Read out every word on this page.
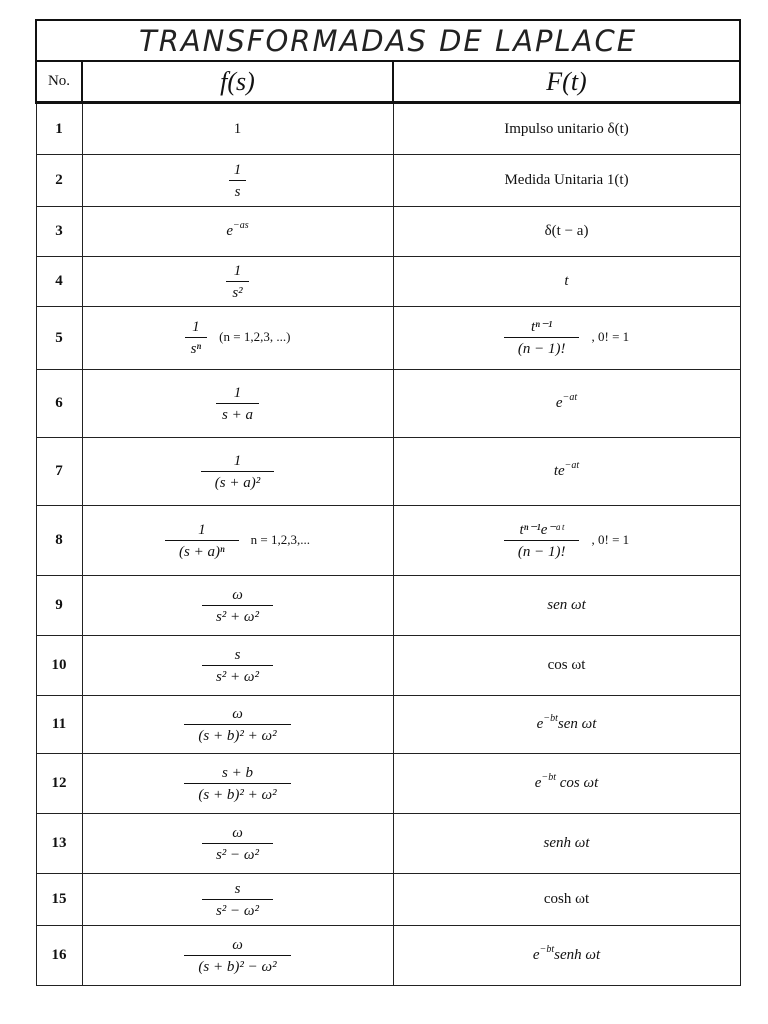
TRANSFORMADAS DE LAPLACE		
No.	f(s)	F(t)
1	1	Impulso unitario δ(t)
2	$\frac{1}{s}$	Medida Unitaria 1(t)
3	$e^{-as}$	δ(t − a)
4	$\frac{1}{\text{s²}}$	t
5	$\frac{1}{\text{sⁿ}} (n = 1,2,3$, ...)	$\frac{\text{tⁿ⁻¹}}{(n - 1)!}$ , 0! = 1
6	$\frac{1}{s + a}$	$e^{-at}$
7	$\frac{1}{\text{(s + a)²}}$	$te^{-at}$
8	$\frac{1}{\text{(s + a)ⁿ}}$ n = 1,2,3,...	$\frac{\text{tⁿ⁻¹e⁻ᵃᵗ}}{(n - 1)!}$ , 0! = 1
9	$\frac{\omega}{\text{s² + ω²}}$	sen ωt
10	$\frac{s}{\text{s² + ω²}}$	cos ωt
11	$\frac{\omega}{\text{(s + b)² + ω²}}$	$e^{-bt}sen$ ωt
12	$\frac{s + b}{\text{(s + b)² + ω²}}$	$e^{-bt}$ cos ωt
13	$\frac{\omega}{\text{s² − ω²}}$	senh ωt
15	$\frac{s}{\text{s² − ω²}}$	cosh ωt
16	$\frac{\omega}{\text{(s + b)² − ω²}}$	$e^{-bt}senh$ ωt
